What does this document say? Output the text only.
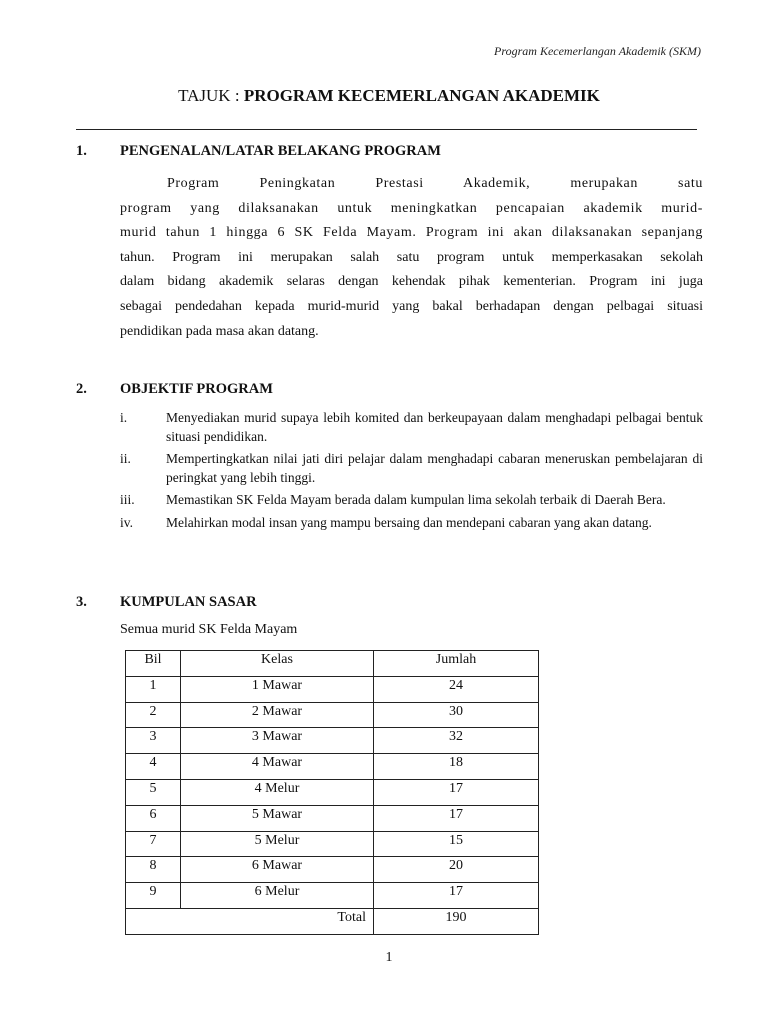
Program Kecemerlangan Akademik (SKM)
TAJUK : PROGRAM KECEMERLANGAN AKADEMIK
1. PENGENALAN/LATAR BELAKANG PROGRAM
Program Peningkatan Prestasi Akademik, merupakan satu
program yang dilaksanakan untuk meningkatkan pencapaian akademik murid-
murid tahun 1 hingga 6 SK Felda Mayam. Program ini akan dilaksanakan sepanjang
tahun. Program ini merupakan salah satu program untuk memperkasakan sekolah
dalam bidang akademik selaras dengan kehendak pihak kementerian. Program ini juga
sebagai pendedahan kepada murid-murid yang bakal berhadapan dengan pelbagai situasi
pendidikan pada masa akan datang.
2. OBJEKTIF PROGRAM
i.	Menyediakan murid supaya lebih komited dan berkeupayaan dalam menghadapi pelbagai bentuk situasi pendidikan.
ii.	Mempertingkatkan nilai jati diri pelajar dalam menghadapi cabaran meneruskan pembelajaran di peringkat yang lebih tinggi.
iii. Memastikan SK Felda Mayam berada dalam kumpulan lima sekolah terbaik di Daerah Bera.
iv. Melahirkan modal insan yang mampu bersaing dan mendepani cabaran yang akan datang.
3. KUMPULAN SASAR
Semua murid SK Felda Mayam
Bil	Kelas	Jumlah
1	1 Mawar	24
2	2 Mawar	30
3	3 Mawar	32
4	4 Mawar	18
5	4 Melur	17
6	5 Mawar	17
7	5 Melur	15
8	6 Mawar	20
9	6 Melur	17
Total		190
1
